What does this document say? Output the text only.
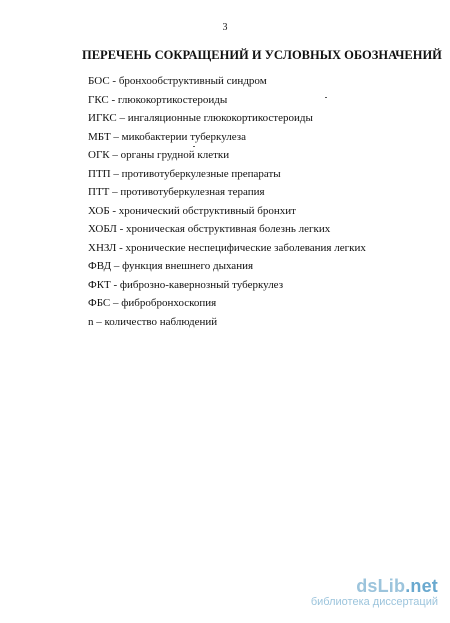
3
ПЕРЕЧЕНЬ СОКРАЩЕНИЙ И УСЛОВНЫХ ОБОЗНАЧЕНИЙ
БОС - бронхообструктивный синдром
ГКС - глюкокортикостероиды
ИГКС – ингаляционные глюкокортикостероиды
МБТ – микобактерии туберкулеза
ОГК – органы грудной клетки
ПТП – противотуберкулезные препараты
ПТТ – противотуберкулезная терапия
ХОБ - хронический обструктивный бронхит
ХОБЛ - хроническая обструктивная болезнь легких
ХНЗЛ - хронические неспецифические заболевания легких
ФВД – функция внешнего дыхания
ФКТ - фиброзно-кавернозный туберкулез
ФБС – фибробронхоскопия
n – количество наблюдений
dsLib.net
библиотека диссертаций
